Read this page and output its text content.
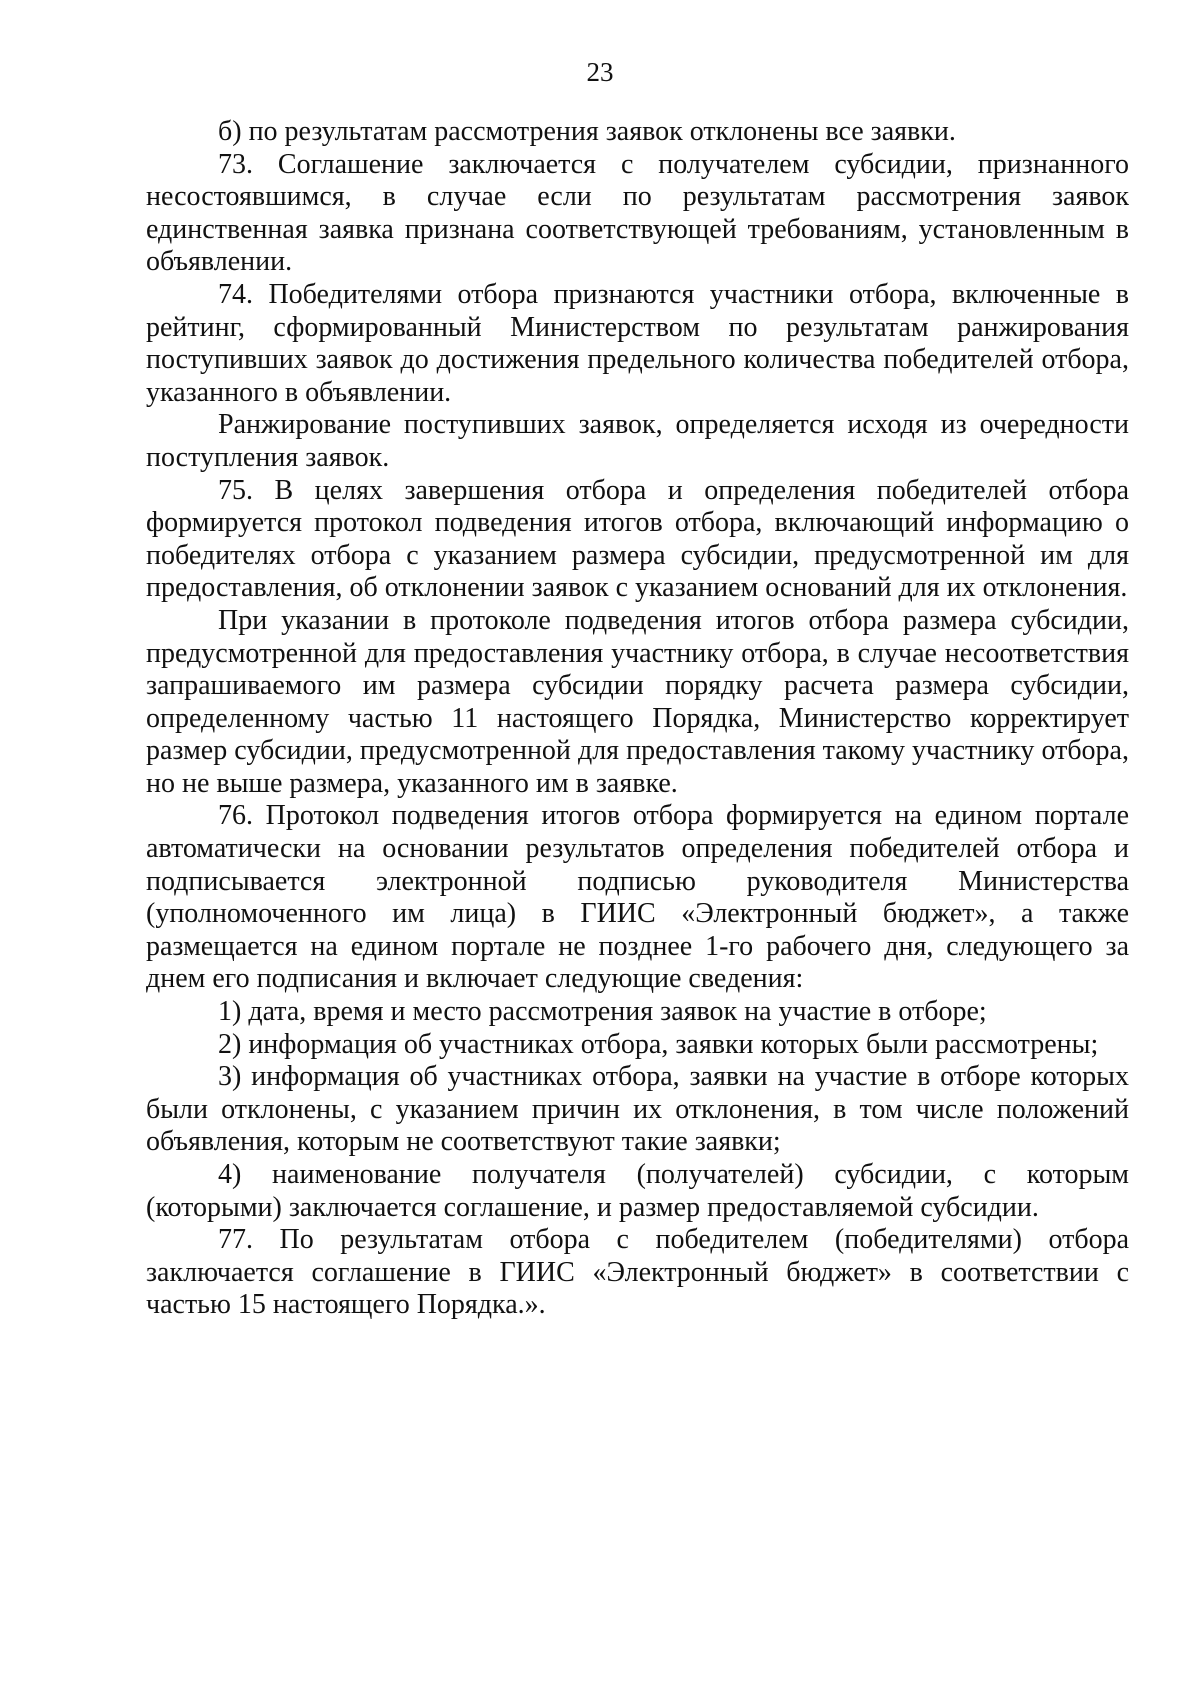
23

б) по результатам рассмотрения заявок отклонены все заявки.

73. Соглашение заключается с получателем субсидии, признанного несостоявшимся, в случае если по результатам рассмотрения заявок единственная заявка признана соответствующей требованиям, установленным в объявлении.

74. Победителями отбора признаются участники отбора, включенные в рейтинг, сформированный Министерством по результатам ранжирования поступивших заявок до достижения предельного количества победителей отбора, указанного в объявлении.

Ранжирование поступивших заявок, определяется исходя из очередности поступления заявок.

75. В целях завершения отбора и определения победителей отбора формируется протокол подведения итогов отбора, включающий информацию о победителях отбора с указанием размера субсидии, предусмотренной им для предоставления, об отклонении заявок с указанием оснований для их отклонения.

При указании в протоколе подведения итогов отбора размера субсидии, предусмотренной для предоставления участнику отбора, в случае несоответствия запрашиваемого им размера субсидии порядку расчета размера субсидии, определенному частью 11 настоящего Порядка, Министерство корректирует размер субсидии, предусмотренной для предоставления такому участнику отбора, но не выше размера, указанного им в заявке.

76. Протокол подведения итогов отбора формируется на едином портале автоматически на основании результатов определения победителей отбора и подписывается электронной подписью руководителя Министерства (уполномоченного им лица) в ГИИС «Электронный бюджет», а также размещается на едином портале не позднее 1-го рабочего дня, следующего за днем его подписания и включает следующие сведения:

1) дата, время и место рассмотрения заявок на участие в отборе;

2) информация об участниках отбора, заявки которых были рассмотрены;

3) информация об участниках отбора, заявки на участие в отборе которых были отклонены, с указанием причин их отклонения, в том числе положений объявления, которым не соответствуют такие заявки;

4) наименование получателя (получателей) субсидии, с которым (которыми) заключается соглашение, и размер предоставляемой субсидии.

77. По результатам отбора с победителем (победителями) отбора заключается соглашение в ГИИС «Электронный бюджет» в соответствии с частью 15 настоящего Порядка.».
